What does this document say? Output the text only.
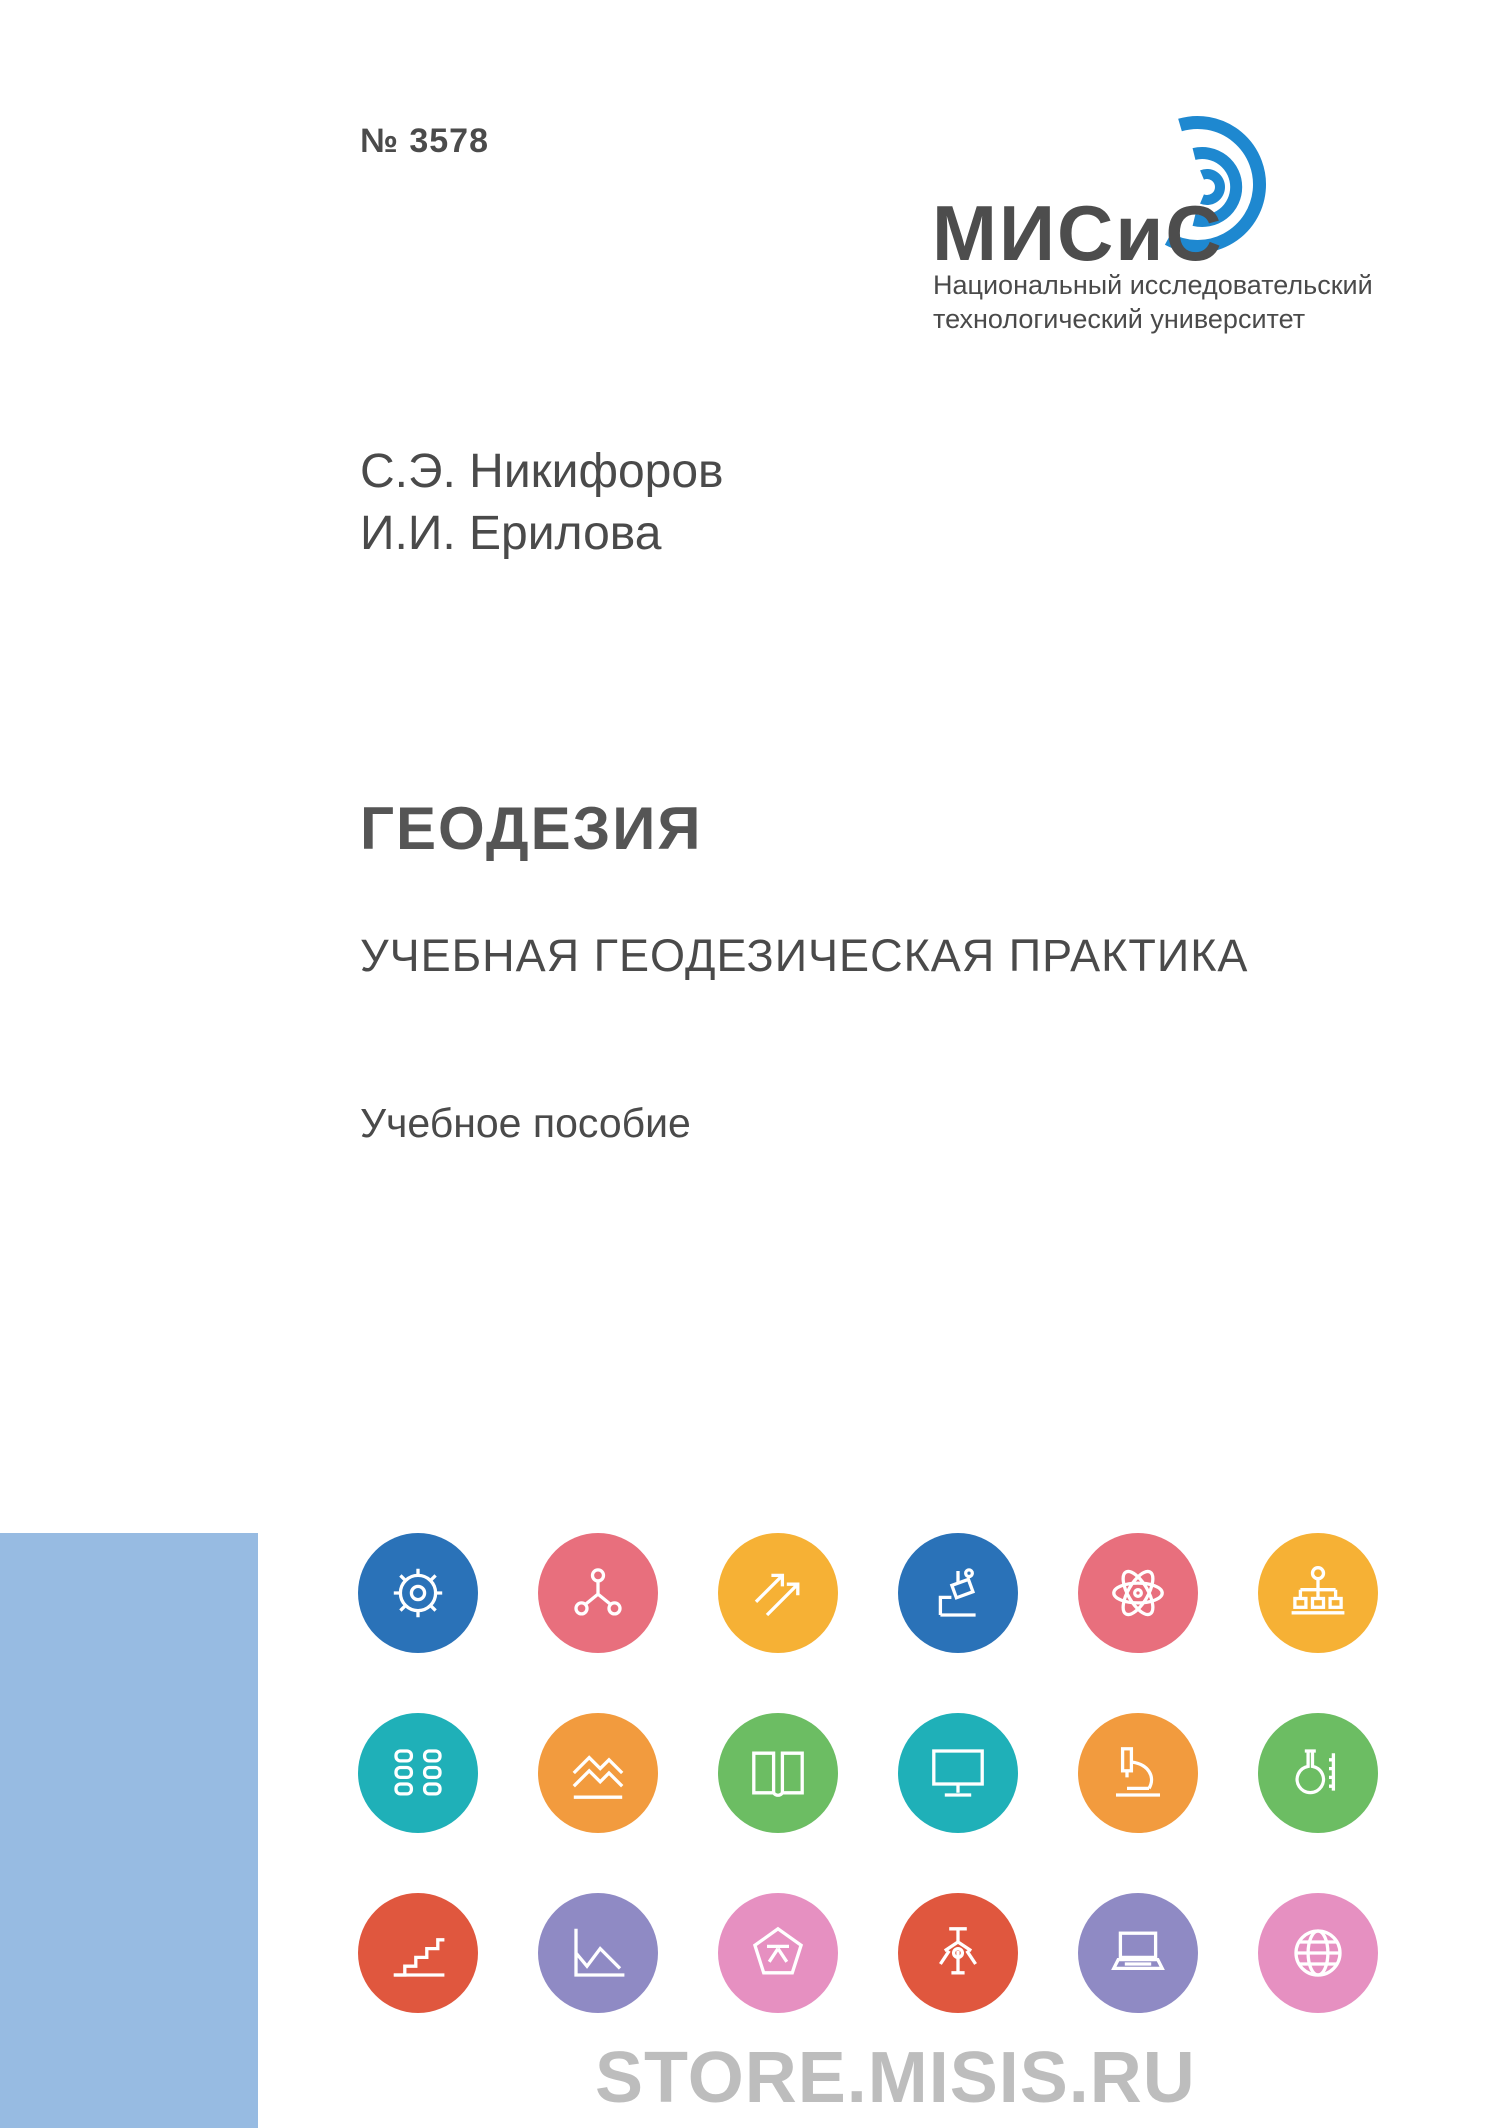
№ 3578
МИСиС
Национальный исследовательский
технологический университет
С.Э. Никифоров
И.И. Ерилова
ГЕОДЕЗИЯ
УЧЕБНАЯ ГЕОДЕЗИЧЕСКАЯ ПРАКТИКА
Учебное пособие
STORE.MISIS.RU
